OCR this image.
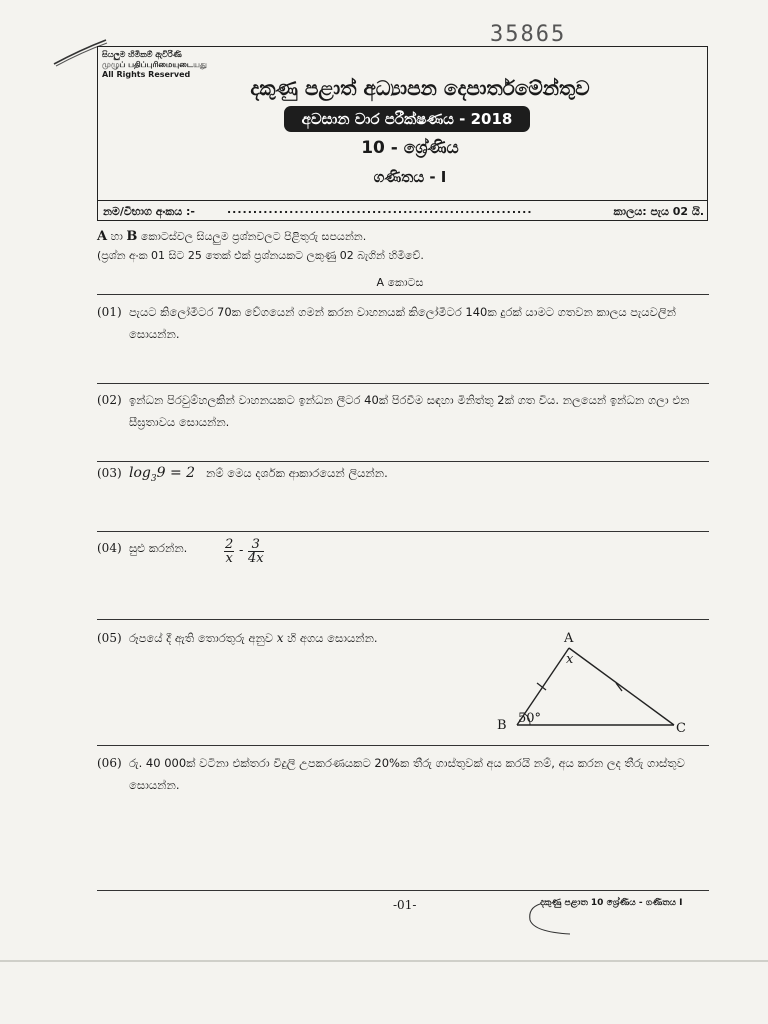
35865
සියලුම හිමිකම් ඇවිරිණි
முழுப் பதிப்புரிமையுடையது
All Rights Reserved
දකුණු පළාත් අධ්‍යාපන දෙපාර්තමේන්තුව
අවසාන වාර පරීක්ෂණය - 2018
10 - ශ්‍රේණිය
ගණිතය - I
නම/විභාග අංකය :-	...........................................................	කාලය: පැය 02 යි.
A හා B කොටස්වල සියලුම ප්‍රශ්නවලට පිළිතුරු සපයන්න.
(ප්‍රශ්න අංක 01 සිට 25 තෙක් එක් ප්‍රශ්නයකට ලකුණු 02 බැගින් හිමිවේ.
A කොටස
(01) පැයට කිලෝමීටර 70ක වේගයෙන් ගමන් කරන වාහනයක් කිලෝමීටර 140ක දුරක් යාමට ගතවන කාලය පැයවලින් සොයන්න.
(02) ඉන්ධන පිරවුම්හලකින් වාහනයකට ඉන්ධන ලීටර 40ක් පිරවීම සඳහා මිනිත්තු 2ක් ගත විය. නලයෙන් ඉන්ධන ගලා එන සීඝ්‍රතාවය සොයන්න.
(03) $\log_39 = 2$ නම් මෙය දර්ශක ආකාරයෙන් ලියන්න.
(04) සුළු කරන්න.	$\frac{2}{x} - \frac{3}{4x}$
(05) රූපයේ දී ඇති තොරතුරු අනුව x හි අගය සොයන්න.	A
x
B	C
50°
(06) රු. 40 000ක් වටිනා එක්තරා විදුලි උපකරණයකට 20%ක තීරු ගාස්තුවක් අය කරයි නම්, අය කරන ලද තීරු ගාස්තුව සොයන්න.
-01-	දකුණු පළාත 10 ශ්‍රේණිය - ගණිතය I
